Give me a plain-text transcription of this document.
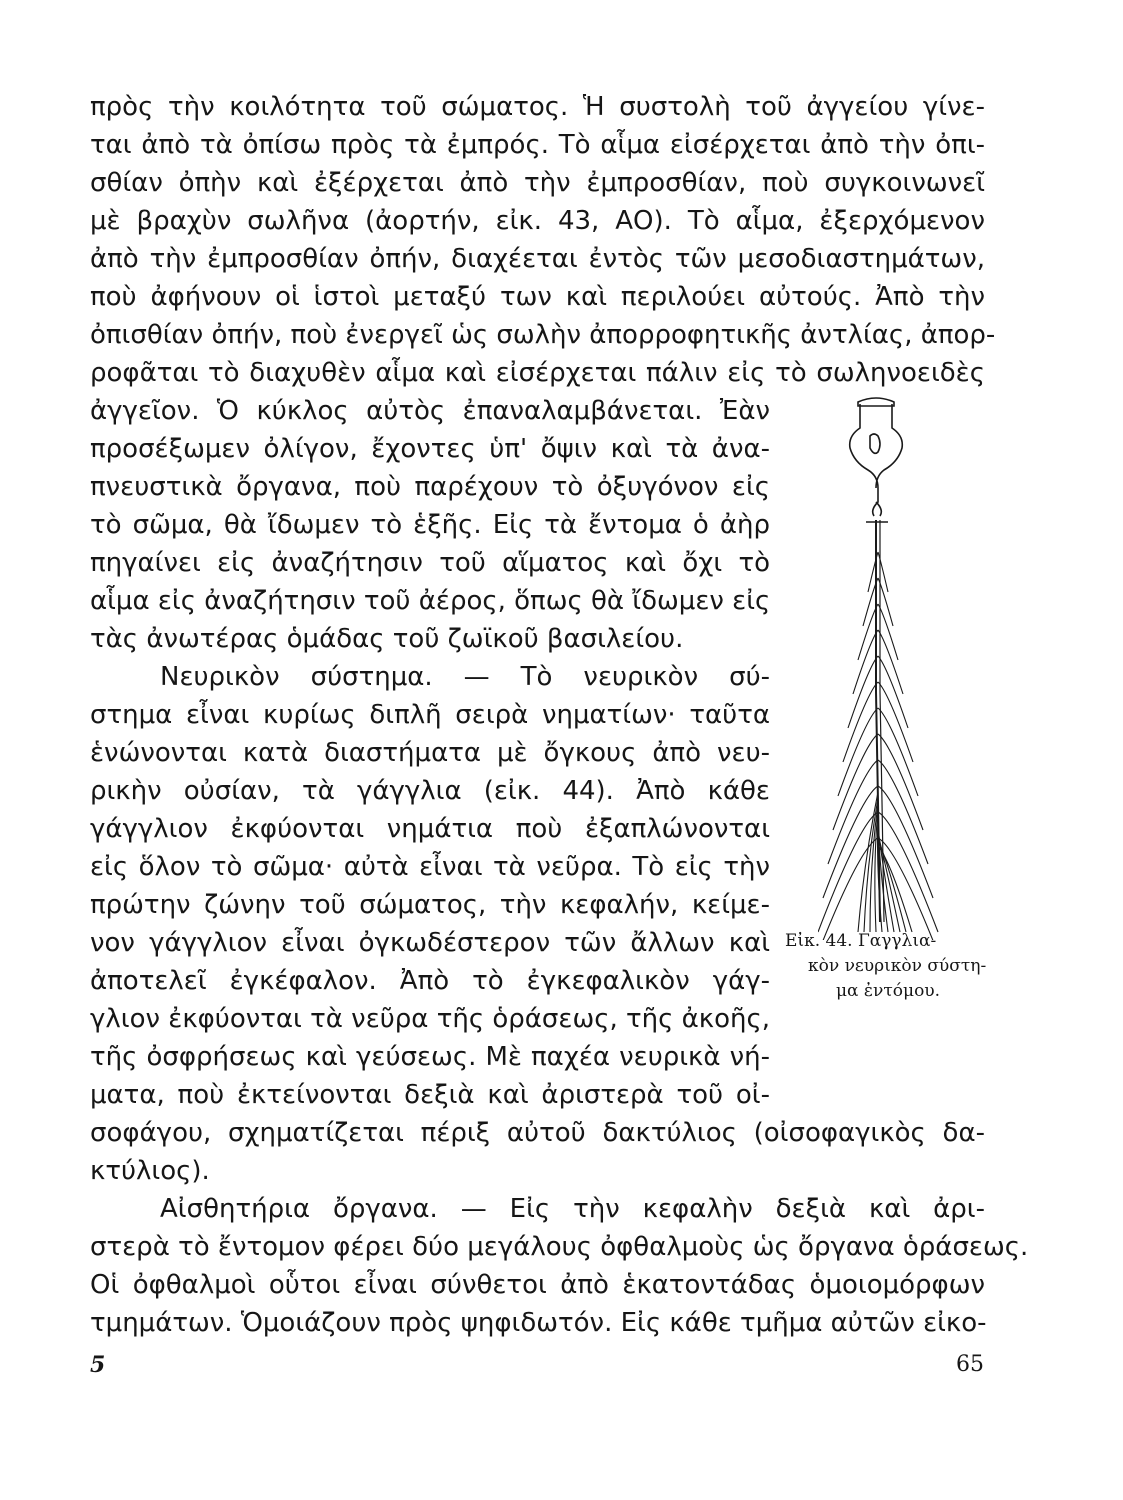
πρὸς τὴν κοιλότητα τοῦ σώματος. Ἡ συστολὴ τοῦ ἀγγείου γίνε-
ται ἀπὸ τὰ ὀπίσω πρὸς τὰ ἐμπρός. Τὸ αἷμα εἰσέρχεται ἀπὸ τὴν ὀπι-
σθίαν ὀπὴν καὶ ἐξέρχεται ἀπὸ τὴν ἐμπροσθίαν, ποὺ συγκοινωνεῖ
μὲ βραχὺν σωλῆνα (ἀορτήν, εἰκ. 43, ΑΟ). Τὸ αἷμα, ἐξερχόμενον
ἀπὸ τὴν ἐμπροσθίαν ὀπήν, διαχέεται ἐντὸς τῶν μεσοδιαστημάτων,
ποὺ ἀφήνουν οἱ ἱστοὶ μεταξύ των καὶ περιλούει αὐτούς. Ἀπὸ τὴν
ὀπισθίαν ὀπήν, ποὺ ἐνεργεῖ ὡς σωλὴν ἀπορροφητικῆς ἀντλίας, ἀπορ-
ροφᾶται τὸ διαχυθὲν αἷμα καὶ εἰσέρχεται πάλιν εἰς τὸ σωληνοειδὲς
ἀγγεῖον. Ὁ κύκλος αὐτὸς ἐπαναλαμβάνεται. Ἐὰν
προσέξωμεν ὀλίγον, ἔχοντες ὑπ' ὄψιν καὶ τὰ ἀνα-
πνευστικὰ ὄργανα, ποὺ παρέχουν τὸ ὀξυγόνον εἰς
τὸ σῶμα, θὰ ἴδωμεν τὸ ἑξῆς. Εἰς τὰ ἔντομα ὁ ἀὴρ
πηγαίνει εἰς ἀναζήτησιν τοῦ αἵματος καὶ ὄχι τὸ
αἷμα εἰς ἀναζήτησιν τοῦ ἀέρος, ὅπως θὰ ἴδωμεν εἰς
τὰς ἀνωτέρας ὁμάδας τοῦ ζωϊκοῦ βασιλείου.
Νευρικὸν σύστημα. — Τὸ νευρικὸν σύ-
στημα εἶναι κυρίως διπλῆ σειρὰ νηματίων· ταῦτα
ἑνώνονται κατὰ διαστήματα μὲ ὄγκους ἀπὸ νευ-
ρικὴν οὐσίαν, τὰ γάγγλια (εἰκ. 44). Ἀπὸ κάθε
γάγγλιον ἐκφύονται νημάτια ποὺ ἐξαπλώνονται
εἰς ὅλον τὸ σῶμα· αὐτὰ εἶναι τὰ νεῦρα. Τὸ εἰς τὴν
πρώτην ζώνην τοῦ σώματος, τὴν κεφαλήν, κείμε-
νον γάγγλιον εἶναι ὀγκωδέστερον τῶν ἄλλων καὶ
ἀποτελεῖ ἐγκέφαλον. Ἀπὸ τὸ ἐγκεφαλικὸν γάγ-
γλιον ἐκφύονται τὰ νεῦρα τῆς ὁράσεως, τῆς ἀκοῆς,
τῆς ὀσφρήσεως καὶ γεύσεως. Μὲ παχέα νευρικὰ νή-
ματα, ποὺ ἐκτείνονται δεξιὰ καὶ ἀριστερὰ τοῦ οἰ-
σοφάγου, σχηματίζεται πέριξ αὐτοῦ δακτύλιος (οἰσοφαγικὸς δα-
κτύλιος).
Αἰσθητήρια ὄργανα. — Εἰς τὴν κεφαλὴν δεξιὰ καὶ ἀρι-
στερὰ τὸ ἔντομον φέρει δύο μεγάλους ὀφθαλμοὺς ὡς ὄργανα ὁράσεως.
Οἱ ὀφθαλμοὶ οὗτοι εἶναι σύνθετοι ἀπὸ ἑκατοντάδας ὁμοιομόρφων
τμημάτων. Ὁμοιάζουν πρὸς ψηφιδωτόν. Εἰς κάθε τμῆμα αὐτῶν εἰκο-
Εἰκ. 44. Γαγγλια-
κὸν νευρικὸν σύστη-
μα ἐντόμου.
5	65
